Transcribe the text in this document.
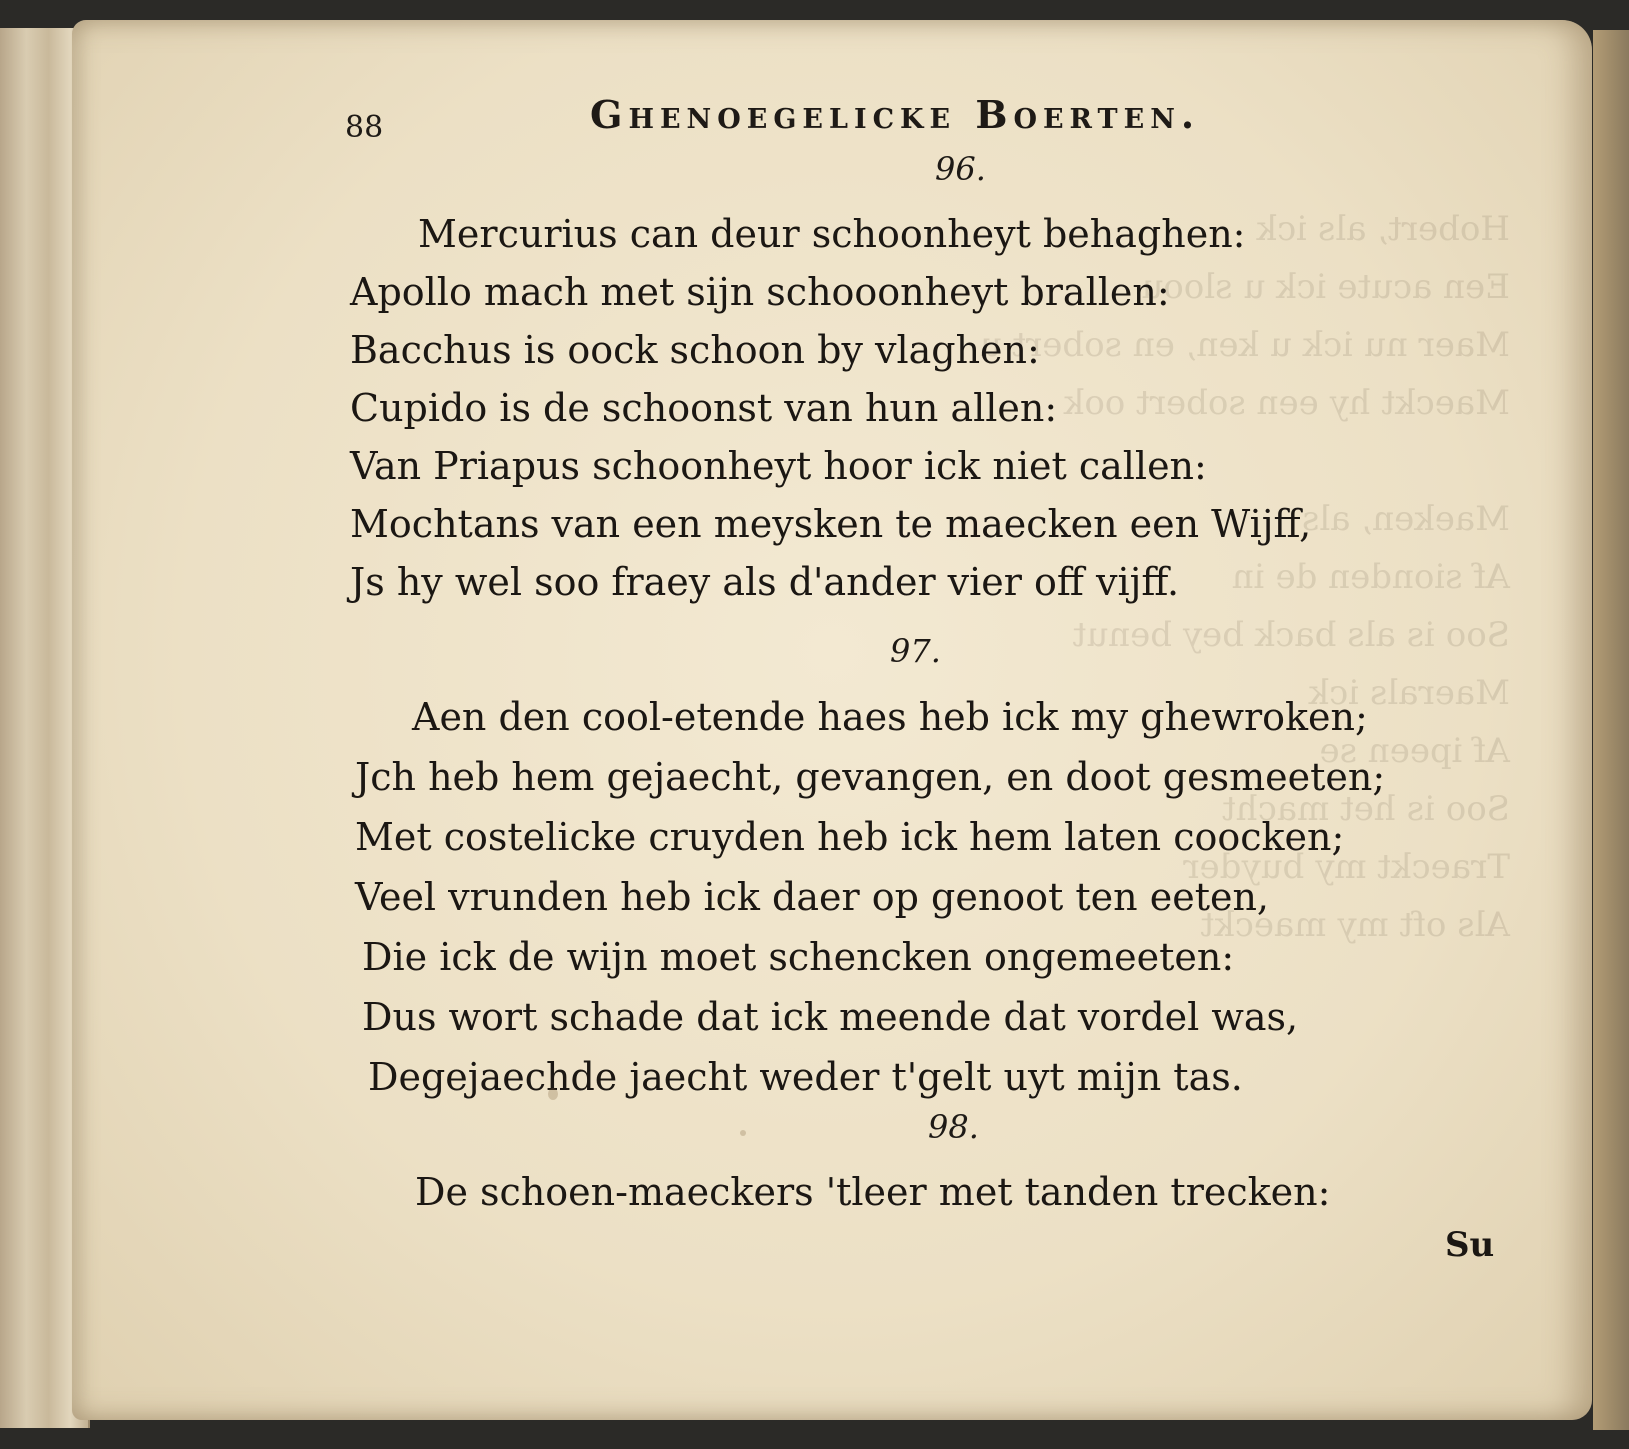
88	Ghenoegelicke Boerten.
96.
Mercurius can deur schoonheyt behaghen:
Apollo mach met sijn schooonheyt brallen:
Bacchus is oock schoon by vlaghen:
Cupido is de schoonst van hun allen:
Van Priapus schoonheyt hoor ick niet callen:
Mochtans van een meysken te maecken een Wijff,
Js hy wel soo fraey als d'ander vier off vijff.
97.
Aen den cool-etende haes heb ick my ghewroken;
Jch heb hem gejaecht, gevangen, en doot gesmeeten;
Met costelicke cruyden heb ick hem laten coocken;
Veel vrunden heb ick daer op genoot ten eeten,
Die ick de wijn moet schencken ongemeeten:
Dus wort schade dat ick meende dat vordel was,
Degejaechde jaecht weder t'gelt uyt mijn tas.
98.
De schoen-maeckers 'tleer met tanden trecken:
Su
